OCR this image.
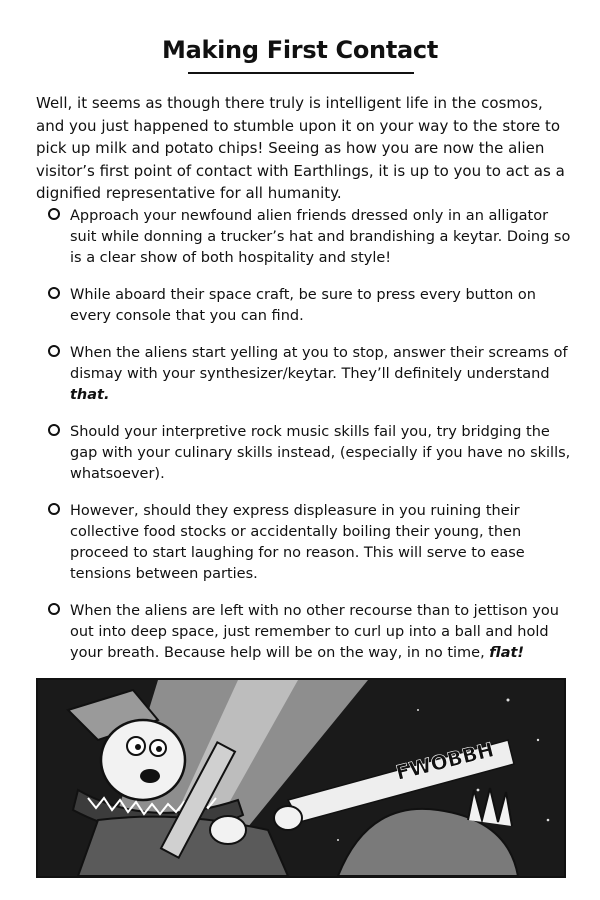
Making First Contact

Well, it seems as though there truly is intelligent life in the cosmos, and you just happened to stumble upon it on your way to the store to pick up milk and potato chips! Seeing as how you are now the alien visitor’s first point of contact with Earthlings, it is up to you to act as a dignified representative for all humanity.

Approach your newfound alien friends dressed only in an alligator suit while donning a trucker’s hat and brandishing a keytar. Doing so is a clear show of both hospitality and style!
While aboard their space craft, be sure to press every button on every console that you can find.
When the aliens start yelling at you to stop, answer their screams of dismay with your synthesizer/keytar. They’ll definitely understand that.
Should your interpretive rock music skills fail you, try bridging the gap with your culinary skills instead, (especially if you have no skills, whatsoever).
However, should they express displeasure in you ruining their collective food stocks or accidentally boiling their young, then proceed to start laughing for no reason. This will serve to ease tensions between parties.
When the aliens are left with no other recourse than to jettison you out into deep space, just remember to curl up into a ball and hold your breath. Because help will be on the way, in no time, flat!
FWOBBH
